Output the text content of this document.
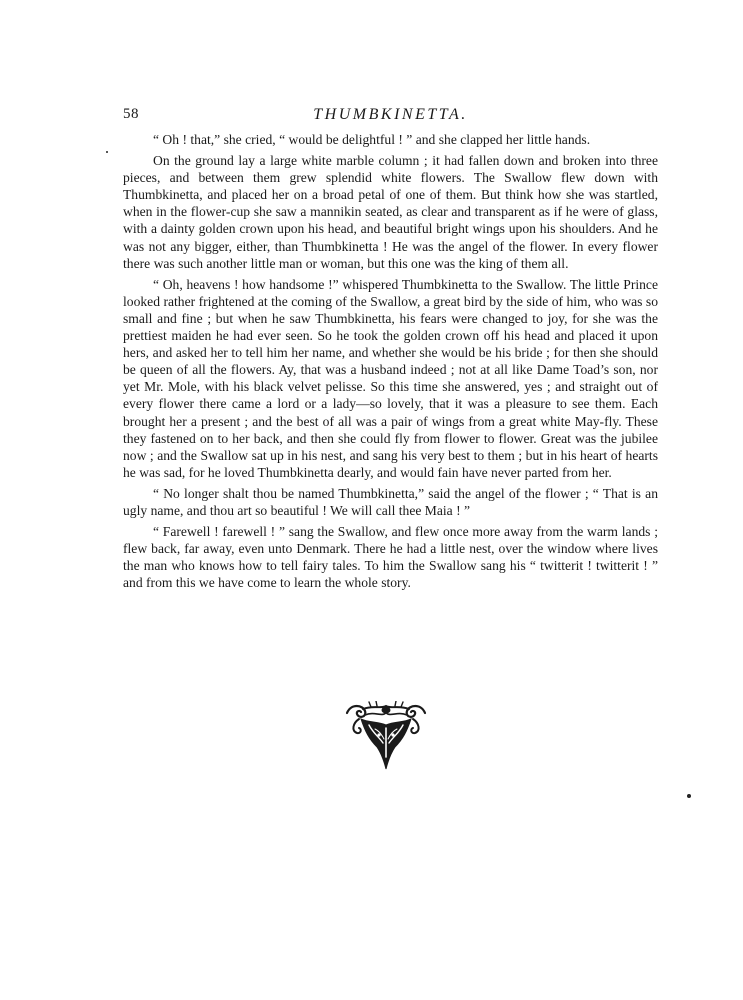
58	THUMBKINETTA.

“ Oh ! that,” she cried, “ would be delightful ! ” and she clapped her little hands.

On the ground lay a large white marble column ; it had fallen down and broken into three pieces, and between them grew splendid white flowers. The Swallow flew down with Thumbkinetta, and placed her on a broad petal of one of them. But think how she was startled, when in the flower-cup she saw a mannikin seated, as clear and transparent as if he were of glass, with a dainty golden crown upon his head, and beautiful bright wings upon his shoulders. And he was not any bigger, either, than Thumbkinetta ! He was the angel of the flower. In every flower there was such another little man or woman, but this one was the king of them all.

“ Oh, heavens ! how handsome !” whispered Thumbkinetta to the Swallow. The little Prince looked rather frightened at the coming of the Swallow, a great bird by the side of him, who was so small and fine ; but when he saw Thumbkinetta, his fears were changed to joy, for she was the prettiest maiden he had ever seen. So he took the golden crown off his head and placed it upon hers, and asked her to tell him her name, and whether she would be his bride ; for then she should be queen of all the flowers. Ay, that was a husband indeed ; not at all like Dame Toad’s son, nor yet Mr. Mole, with his black velvet pelisse. So this time she answered, yes ; and straight out of every flower there came a lord or a lady—so lovely, that it was a pleasure to see them. Each brought her a present ; and the best of all was a pair of wings from a great white May-fly. These they fastened on to her back, and then she could fly from flower to flower. Great was the jubilee now ; and the Swallow sat up in his nest, and sang his very best to them ; but in his heart of hearts he was sad, for he loved Thumbkinetta dearly, and would fain have never parted from her.

“ No longer shalt thou be named Thumbkinetta,” said the angel of the flower ; “ That is an ugly name, and thou art so beautiful ! We will call thee Maia ! ”

“ Farewell ! farewell ! ” sang the Swallow, and flew once more away from the warm lands ; flew back, far away, even unto Denmark. There he had a little nest, over the window where lives the man who knows how to tell fairy tales. To him the Swallow sang his “ twitterit ! twitterit ! ” and from this we have come to learn the whole story.
